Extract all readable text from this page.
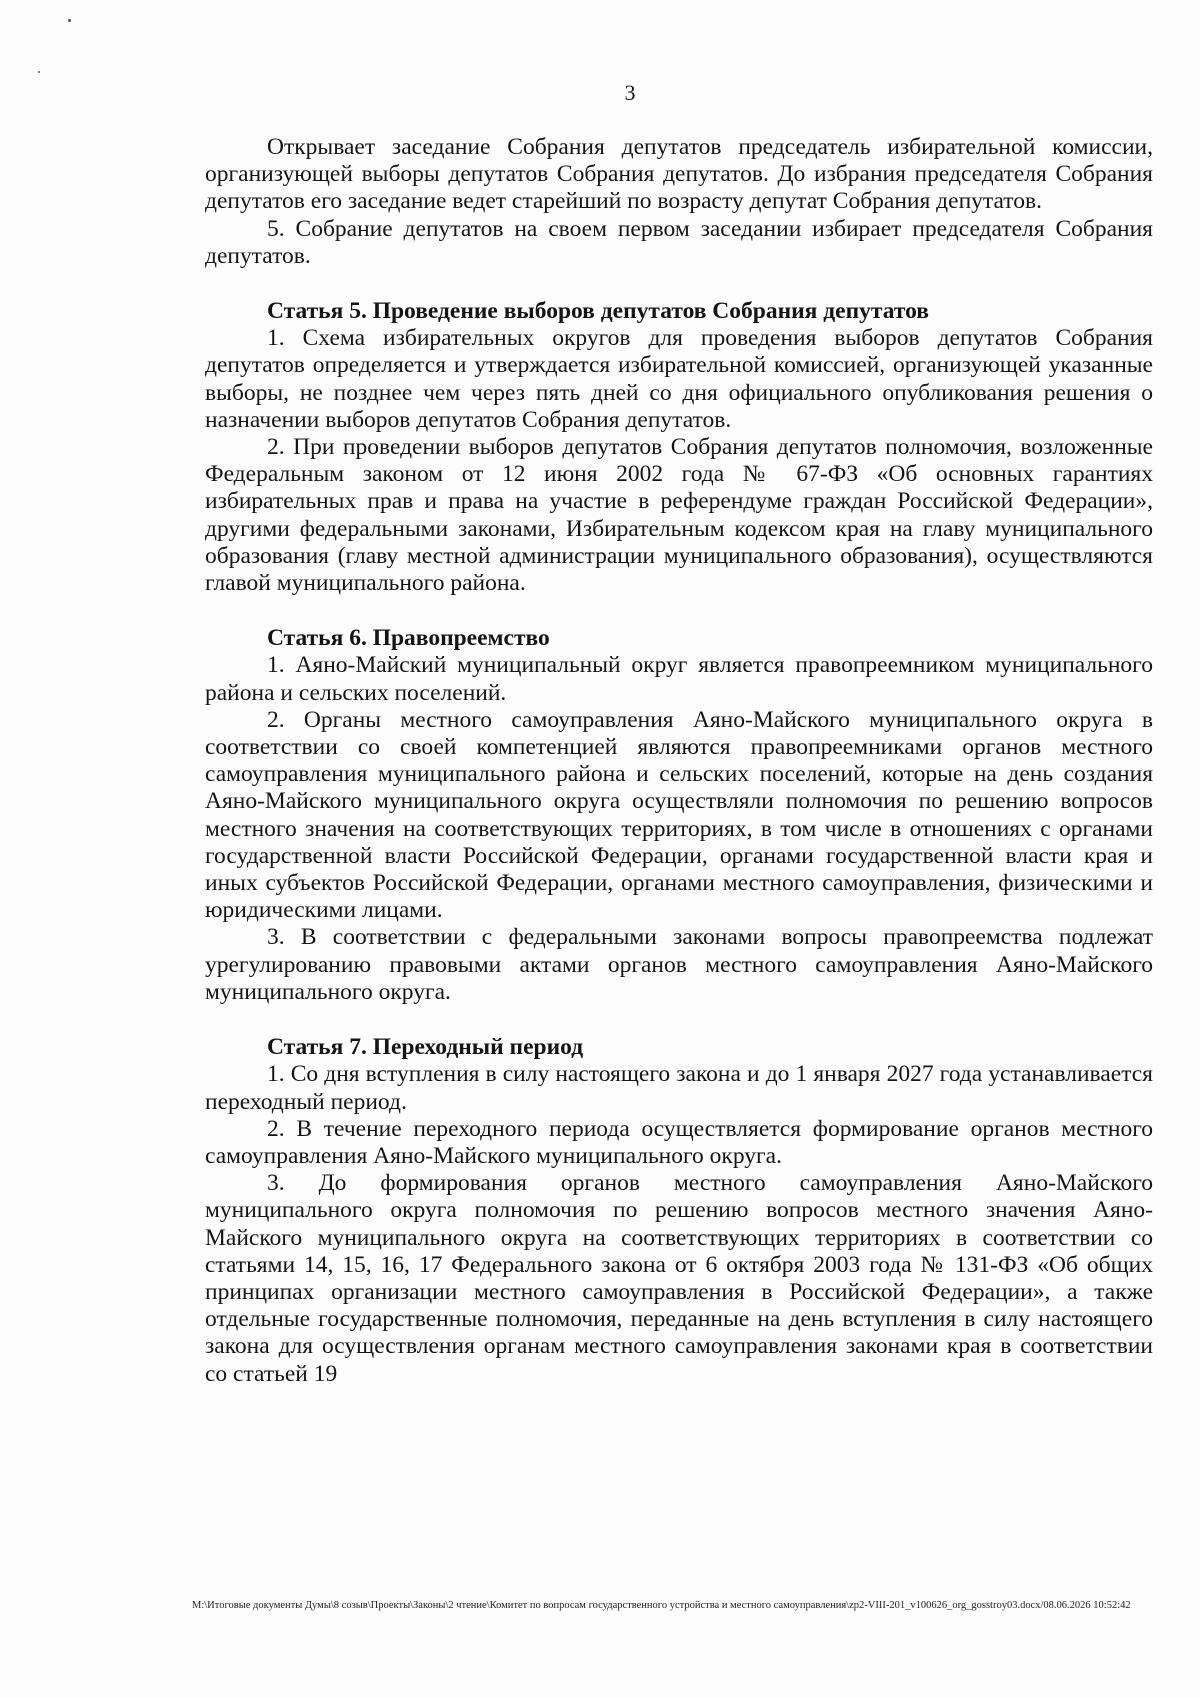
3

Открывает заседание Собрания депутатов председатель избирательной комиссии, организующей выборы депутатов Собрания депутатов. До избрания председателя Собрания депутатов его заседание ведет старейший по возрасту депутат Собрания депутатов.

5. Собрание депутатов на своем первом заседании избирает председателя Собрания депутатов.

Статья 5. Проведение выборов депутатов Собрания депутатов

1. Схема избирательных округов для проведения выборов депутатов Собрания депутатов определяется и утверждается избирательной комиссией, организующей указанные выборы, не позднее чем через пять дней со дня официального опубликования решения о назначении выборов депутатов Собрания депутатов.

2. При проведении выборов депутатов Собрания депутатов полномочия, возложенные Федеральным законом от 12 июня 2002 года № 67-ФЗ «Об основных гарантиях избирательных прав и права на участие в референдуме граждан Российской Федерации», другими федеральными законами, Избирательным кодексом края на главу муниципального образования (главу местной администрации муниципального образования), осуществляются главой муниципального района.

Статья 6. Правопреемство

1. Аяно-Майский муниципальный округ является правопреемником муниципального района и сельских поселений.

2. Органы местного самоуправления Аяно-Майского муниципального округа в соответствии со своей компетенцией являются правопреемниками органов местного самоуправления муниципального района и сельских поселений, которые на день создания Аяно-Майского муниципального округа осуществляли полномочия по решению вопросов местного значения на соответствующих территориях, в том числе в отношениях с органами государственной власти Российской Федерации, органами государственной власти края и иных субъектов Российской Федерации, органами местного самоуправления, физическими и юридическими лицами.

3. В соответствии с федеральными законами вопросы правопреемства подлежат урегулированию правовыми актами органов местного самоуправления Аяно-Майского муниципального округа.

Статья 7. Переходный период

1. Со дня вступления в силу настоящего закона и до 1 января 2027 года устанавливается переходный период.

2. В течение переходного периода осуществляется формирование органов местного самоуправления Аяно-Майского муниципального округа.

3. До формирования органов местного самоуправления Аяно-Майского муниципального округа полномочия по решению вопросов местного значения Аяно-Майского муниципального округа на соответствующих территориях в соответствии со статьями 14, 15, 16, 17 Федерального закона от 6 октября 2003 года № 131-ФЗ «Об общих принципах организации местного самоуправления в Российской Федерации», а также отдельные государственные полномочия, переданные на день вступления в силу настоящего закона для осуществления органам местного самоуправления законами края в соответствии со статьей 19

M:\Итоговые документы Думы\8 созыв\Проекты\Законы\2 чтение\Комитет по вопросам государственного устройства и местного самоуправления\zp2-VIII-201_v100626_org_gosstroy03.docx/08.06.2026 10:52:42
